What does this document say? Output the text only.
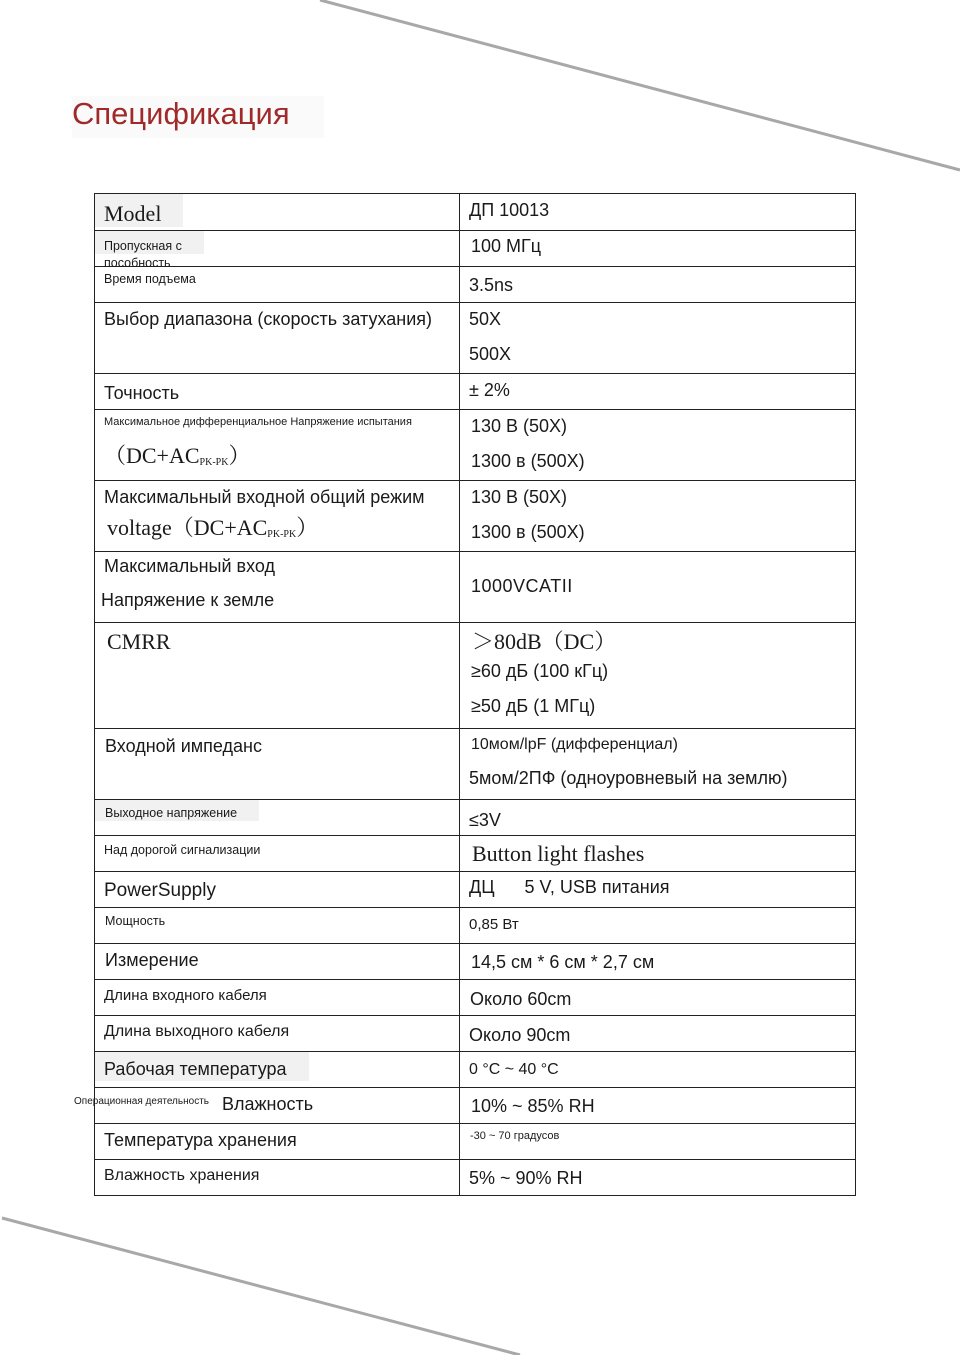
Спецификация
Model	ДП 10013

Пропускная с
пособность	100 МГц

Время подъема	3.5ns

Выбор диапазона (скорость затухания)	50X
500X

Точность	± 2%

Максимальное дифференциальное Напряжение испытания
$(DC+AC_{PK-PK})$	130 В (50X)
1300 в (500X)

Максимальный входной общий режим
$voltage(DC+AC_{PK-PK})$	130 В (50X)
1300 в (500X)

Максимальный вход
Напряжение к земле	1000VCATII

CMRR	＞80dB（DC）
≥60 дБ (100 кГц)
≥50 дБ (1 МГц)

Входной импеданс	10мом/lpF (дифференциал)
5мом/2ПФ (одноуровневый на землю)

Выходное напряжение	≤3V

Над дорогой сигнализации	Button light flashes

PowerSupply	ДЦ 5 V, USB питания

Мощность	0,85 Вт

Измерение	14,5 см * 6 см * 2,7 см

Длина входного кабеля	Около 60cm

Длина выходного кабеля	Около 90cm

Рабочая температура	0 °C ~ 40 °C

Операционная деятельность Влажность	10% ~ 85% RH

Температура хранения	-30 ~ 70 градусов

Влажность хранения	5% ~ 90% RH
